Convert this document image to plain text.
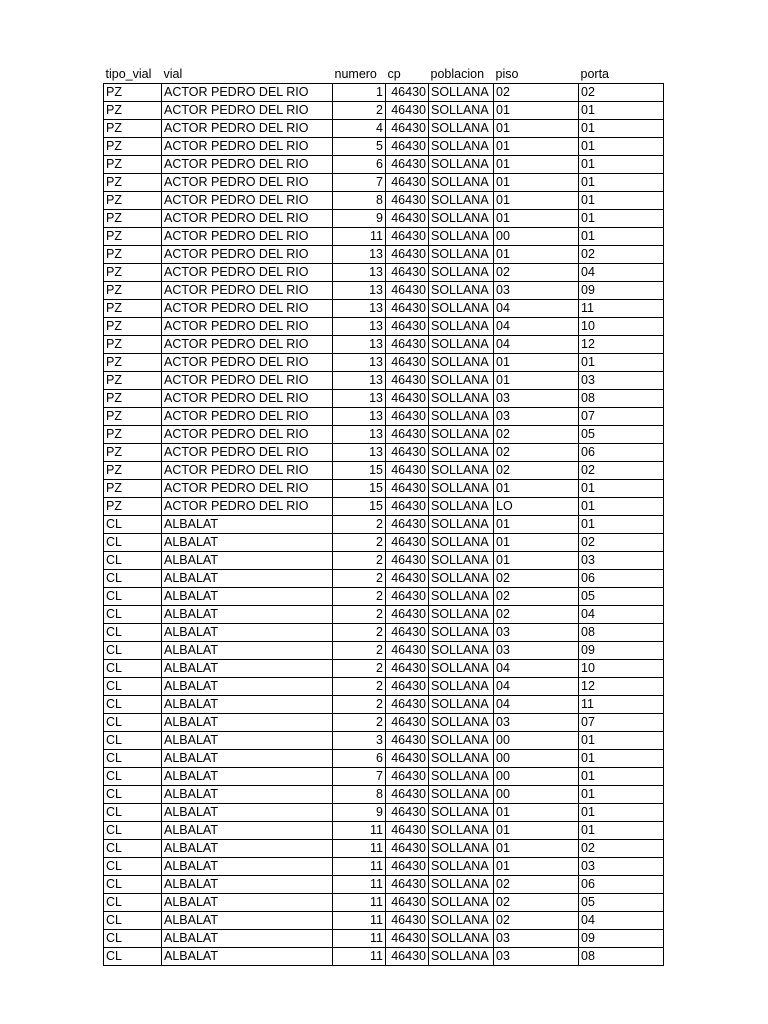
tipo_vial	vial	numero	cp	poblacion	piso	porta
PZ	ACTOR PEDRO DEL RIO	1	46430	SOLLANA	02	02
PZ	ACTOR PEDRO DEL RIO	2	46430	SOLLANA	01	01
PZ	ACTOR PEDRO DEL RIO	4	46430	SOLLANA	01	01
PZ	ACTOR PEDRO DEL RIO	5	46430	SOLLANA	01	01
PZ	ACTOR PEDRO DEL RIO	6	46430	SOLLANA	01	01
PZ	ACTOR PEDRO DEL RIO	7	46430	SOLLANA	01	01
PZ	ACTOR PEDRO DEL RIO	8	46430	SOLLANA	01	01
PZ	ACTOR PEDRO DEL RIO	9	46430	SOLLANA	01	01
PZ	ACTOR PEDRO DEL RIO	11	46430	SOLLANA	00	01
PZ	ACTOR PEDRO DEL RIO	13	46430	SOLLANA	01	02
PZ	ACTOR PEDRO DEL RIO	13	46430	SOLLANA	02	04
PZ	ACTOR PEDRO DEL RIO	13	46430	SOLLANA	03	09
PZ	ACTOR PEDRO DEL RIO	13	46430	SOLLANA	04	11
PZ	ACTOR PEDRO DEL RIO	13	46430	SOLLANA	04	10
PZ	ACTOR PEDRO DEL RIO	13	46430	SOLLANA	04	12
PZ	ACTOR PEDRO DEL RIO	13	46430	SOLLANA	01	01
PZ	ACTOR PEDRO DEL RIO	13	46430	SOLLANA	01	03
PZ	ACTOR PEDRO DEL RIO	13	46430	SOLLANA	03	08
PZ	ACTOR PEDRO DEL RIO	13	46430	SOLLANA	03	07
PZ	ACTOR PEDRO DEL RIO	13	46430	SOLLANA	02	05
PZ	ACTOR PEDRO DEL RIO	13	46430	SOLLANA	02	06
PZ	ACTOR PEDRO DEL RIO	15	46430	SOLLANA	02	02
PZ	ACTOR PEDRO DEL RIO	15	46430	SOLLANA	01	01
PZ	ACTOR PEDRO DEL RIO	15	46430	SOLLANA	LO	01
CL	ALBALAT	2	46430	SOLLANA	01	01
CL	ALBALAT	2	46430	SOLLANA	01	02
CL	ALBALAT	2	46430	SOLLANA	01	03
CL	ALBALAT	2	46430	SOLLANA	02	06
CL	ALBALAT	2	46430	SOLLANA	02	05
CL	ALBALAT	2	46430	SOLLANA	02	04
CL	ALBALAT	2	46430	SOLLANA	03	08
CL	ALBALAT	2	46430	SOLLANA	03	09
CL	ALBALAT	2	46430	SOLLANA	04	10
CL	ALBALAT	2	46430	SOLLANA	04	12
CL	ALBALAT	2	46430	SOLLANA	04	11
CL	ALBALAT	2	46430	SOLLANA	03	07
CL	ALBALAT	3	46430	SOLLANA	00	01
CL	ALBALAT	6	46430	SOLLANA	00	01
CL	ALBALAT	7	46430	SOLLANA	00	01
CL	ALBALAT	8	46430	SOLLANA	00	01
CL	ALBALAT	9	46430	SOLLANA	01	01
CL	ALBALAT	11	46430	SOLLANA	01	01
CL	ALBALAT	11	46430	SOLLANA	01	02
CL	ALBALAT	11	46430	SOLLANA	01	03
CL	ALBALAT	11	46430	SOLLANA	02	06
CL	ALBALAT	11	46430	SOLLANA	02	05
CL	ALBALAT	11	46430	SOLLANA	02	04
CL	ALBALAT	11	46430	SOLLANA	03	09
CL	ALBALAT	11	46430	SOLLANA	03	08
